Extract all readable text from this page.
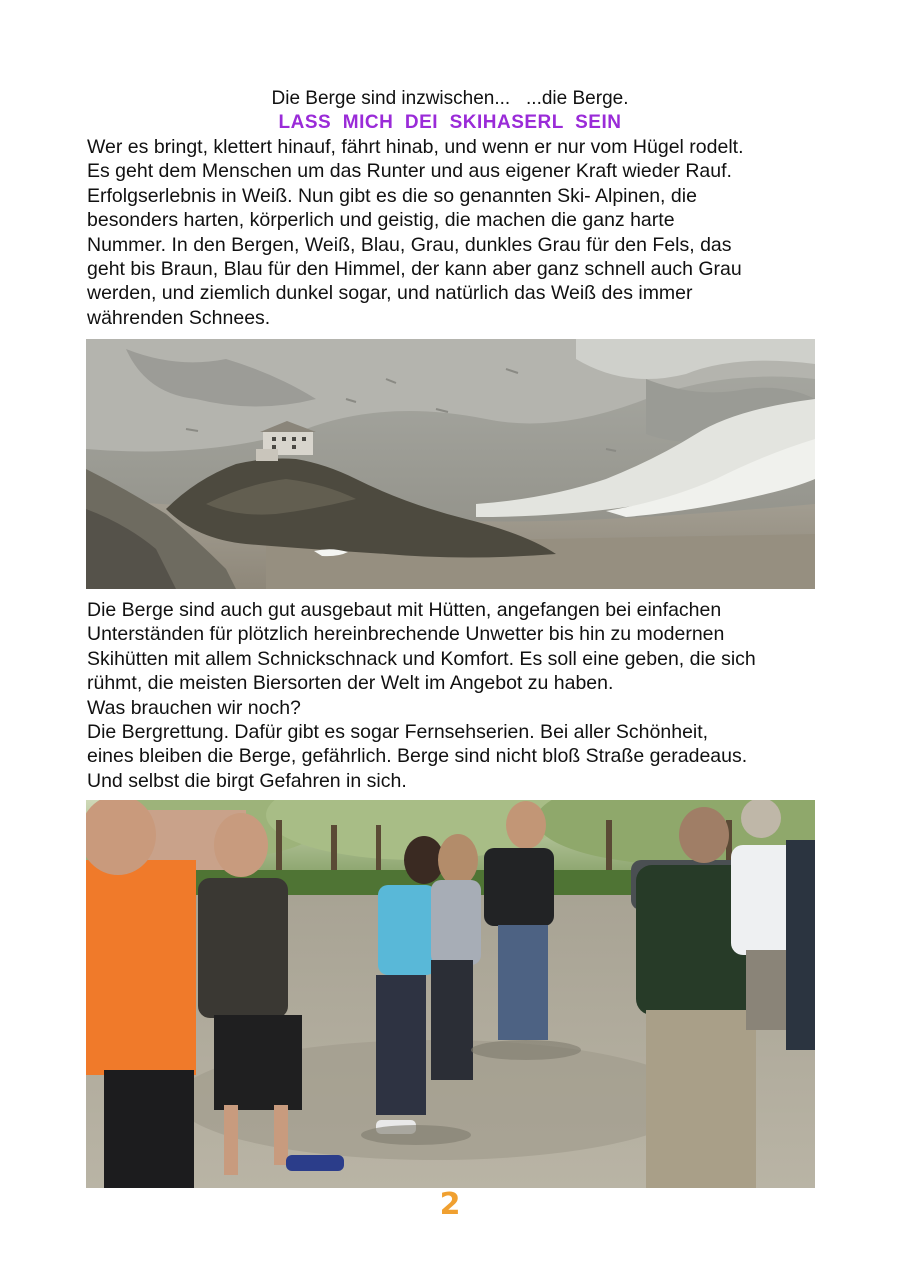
Die Berge sind inzwischen... ...die Berge.
LASS  MICH  DEI  SKIHASERL  SEIN

Wer es bringt, klettert hinauf, fährt hinab, und wenn er nur vom Hügel rodelt.

Es geht dem Menschen um das Runter und aus eigener Kraft wieder Rauf.

Erfolgserlebnis in Weiß. Nun gibt es die so genannten Ski- Alpinen, die

besonders harten, körperlich und geistig, die machen die ganz harte

Nummer. In den Bergen, Weiß, Blau, Grau, dunkles Grau für den Fels, das

geht bis Braun, Blau für den Himmel, der kann aber ganz schnell auch Grau

werden, und ziemlich dunkel sogar, und natürlich das Weiß des immer

währenden Schnees.

Die Berge sind auch gut ausgebaut mit Hütten, angefangen bei einfachen

Unterständen für plötzlich hereinbrechende Unwetter bis hin zu modernen

Skihütten mit allem Schnickschnack und Komfort. Es soll eine geben, die sich

rühmt, die meisten Biersorten der Welt im Angebot zu haben.

Was brauchen wir noch?

Die Bergrettung. Dafür gibt es sogar Fernsehserien. Bei aller Schönheit,

eines bleiben die Berge, gefährlich. Berge sind nicht bloß Straße geradeaus.

Und selbst die birgt Gefahren in sich.

2
